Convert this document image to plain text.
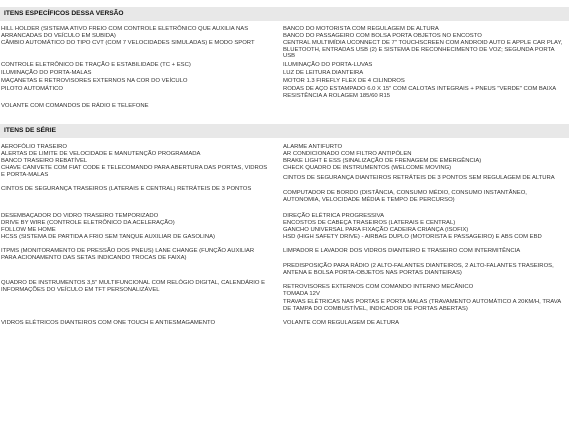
ITENS ESPECÍFICOS DESSA VERSÃO
HILL HOLDER (SISTEMA ATIVO FREIO COM CONTROLE ELETRÔNICO QUE AUXILIA NAS ARRANCADAS DO VEÍCULO EM SUBIDA)
CÂMBIO AUTOMÁTICO DO TIPO CVT (COM 7 VELOCIDADES SIMULADAS) E MODO SPORT
CONTROLE ELETRÔNICO DE TRAÇÃO E ESTABILIDADE (TC + ESC)
ILUMINAÇÃO DO PORTA-MALAS
MAÇANETAS E RETROVISORES EXTERNOS NA COR DO VEÍCULO
PILOTO AUTOMÁTICO
VOLANTE COM COMANDOS DE RÁDIO E TELEFONE
BANCO DO MOTORISTA COM REGULAGEM DE ALTURA
BANCO DO PASSAGEIRO COM BOLSA PORTA OBJETOS NO ENCOSTO
CENTRAL MULTIMÍDIA UCONNECT DE 7" TOUCHSCREEN COM ANDROID AUTO E APPLE CAR PLAY, BLUETOOTH, ENTRADAS USB (2) E SISTEMA DE RECONHECIMENTO DE VOZ; SEGUNDA PORTA USB
ILUMINAÇÃO DO PORTA-LUVAS
LUZ DE LEITURA DIANTEIRA
MOTOR 1.3 FIREFLY FLEX DE 4 CILINDROS
RODAS DE AÇO ESTAMPADO 6.0 X 15" COM CALOTAS INTEGRAIS + PNEUS "VERDE" COM BAIXA RESISTÊNCIA A ROLAGEM 185/60 R15
ITENS DE SÉRIE
AEROFÓLIO TRASEIRO
ALERTAS DE LIMITE DE VELOCIDADE E MANUTENÇÃO PROGRAMADA
BANCO TRASEIRO REBATÍVEL
CHAVE CANIVETE COM FIAT CODE E TELECOMANDO PARA ABERTURA DAS PORTAS, VIDROS E PORTA-MALAS
CINTOS DE SEGURANÇA TRASEIROS (LATERAIS E CENTRAL) RETRÁTEIS DE 3 PONTOS
DESEMBAÇADOR DO VIDRO TRASEIRO TEMPORIZADO
DRIVE BY WIRE (CONTROLE ELETRÔNICO DA ACELERAÇÃO)
FOLLOW ME HOME
HCSS (SISTEMA DE PARTIDA A FRIO SEM TANQUE AUXILIAR DE GASOLINA)
ITPMS (MONITORAMENTO DE PRESSÃO DOS PNEUS) LANE CHANGE (FUNÇÃO AUXILIAR PARA ACIONAMENTO DAS SETAS INDICANDO TROCAS DE FAIXA)
QUADRO DE INSTRUMENTOS 3,5" MULTIFUNCIONAL COM RELÓGIO DIGITAL, CALENDÁRIO E INFORMAÇÕES DO VEÍCULO EM TFT PERSONALIZÁVEL
VIDROS ELÉTRICOS DIANTEIROS COM ONE TOUCH E ANTIESMAGAMENTO
ALARME ANTIFURTO
AR CONDICIONADO COM FILTRO ANTIPÓLEN
BRAKE LIGHT E ESS (SINALIZAÇÃO DE FRENAGEM DE EMERGÊNCIA)
CHECK QUADRO DE INSTRUMENTOS (WELCOME MOVING)
CINTOS DE SEGURANÇA DIANTEIROS RETRÁTEIS DE 3 PONTOS SEM REGULAGEM DE ALTURA
COMPUTADOR DE BORDO (DISTÂNCIA, CONSUMO MÉDIO, CONSUMO INSTANTÂNEO, AUTONOMIA, VELOCIDADE MÉDIA E TEMPO DE PERCURSO)
DIREÇÃO ELÉTRICA PROGRESSIVA
ENCOSTOS DE CABEÇA TRASEIROS (LATERAIS E CENTRAL)
GANCHO UNIVERSAL PARA FIXAÇÃO CADEIRA CRIANÇA (ISOFIX)
HSD (HIGH SAFETY DRIVE) - AIRBAG DUPLO (MOTORISTA E PASSAGEIRO) E ABS COM EBD
LIMPADOR E LAVADOR DOS VIDROS DIANTEIRO E TRASEIRO COM INTERMITÊNCIA
PREDISPOSIÇÃO PARA RÁDIO (2 ALTO-FALANTES DIANTEIROS, 2 ALTO-FALANTES TRASEIROS, ANTENA E BOLSA PORTA-OBJETOS NAS PORTAS DIANTEIRAS)
RETROVISORES EXTERNOS COM COMANDO INTERNO MECÂNICO
TOMADA 12V
TRAVAS ELÉTRICAS NAS PORTAS E PORTA MALAS (TRAVAMENTO AUTOMÁTICO A 20KM/H, TRAVA DE TAMPA DO COMBUSTÍVEL, INDICADOR DE PORTAS ABERTAS)
VOLANTE COM REGULAGEM DE ALTURA
